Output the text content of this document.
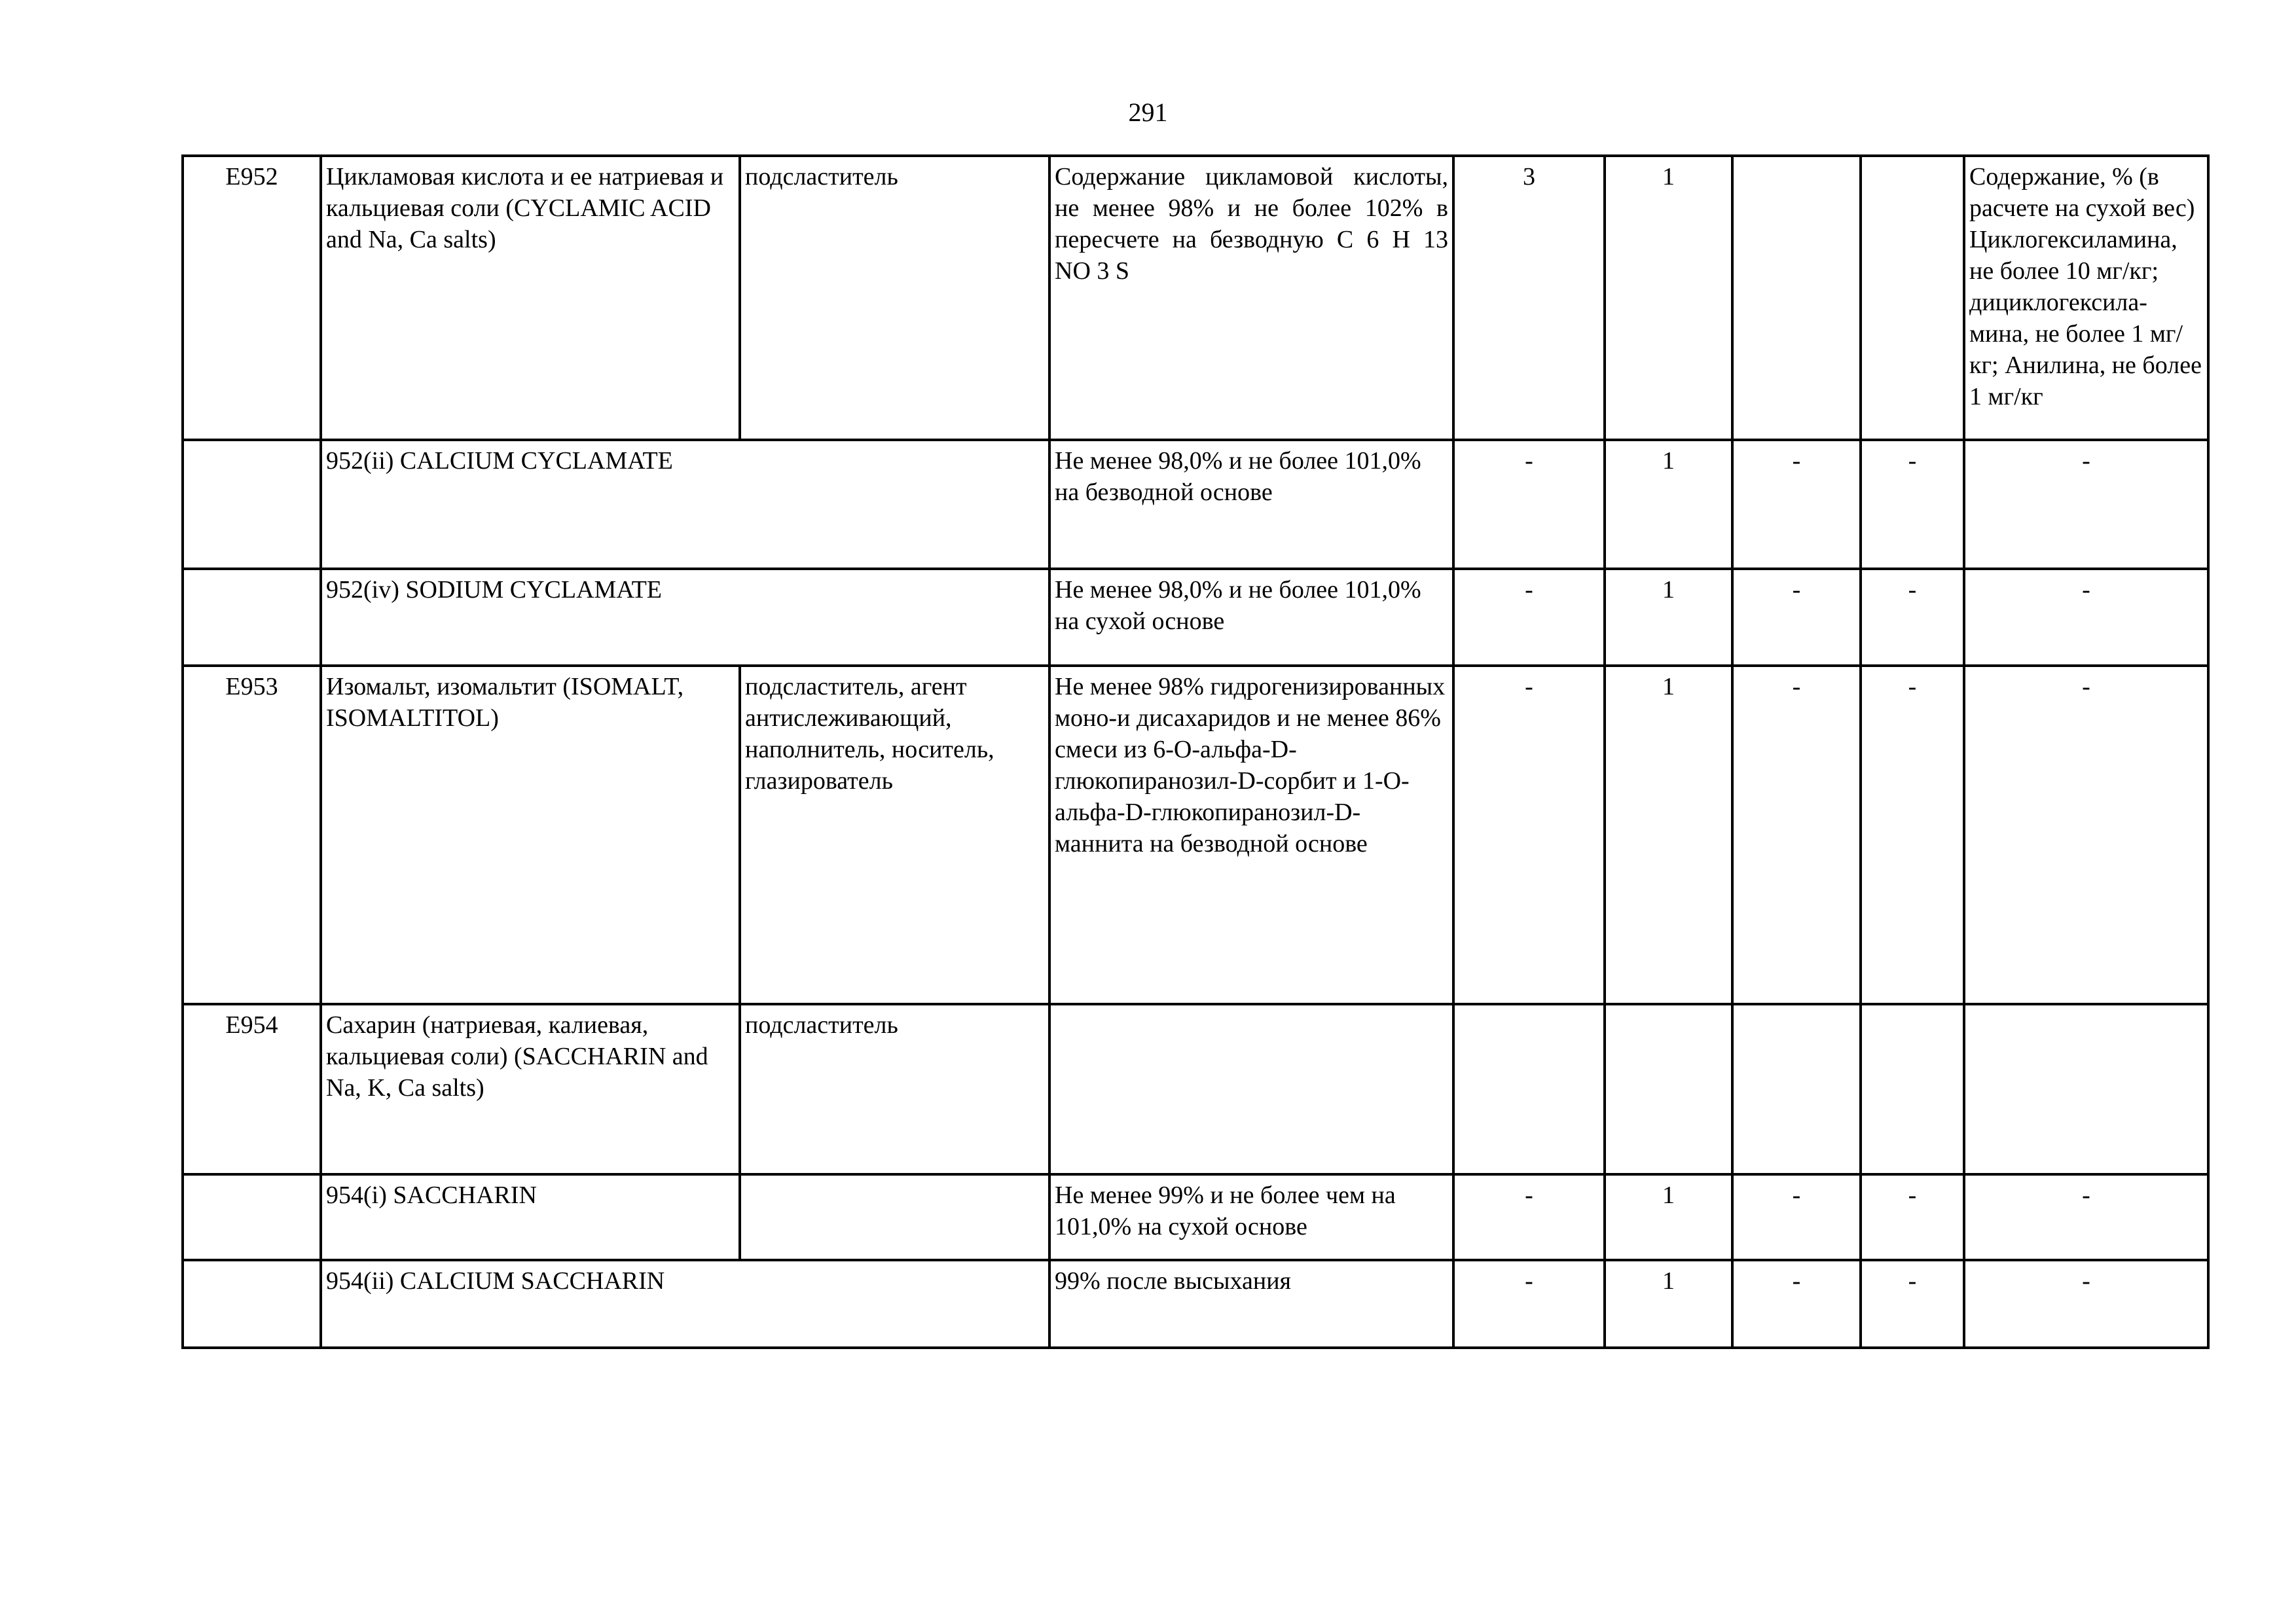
291
E952	Цикламовая кислота и ее натриевая и кальциевая соли (CYCLAMIC ACID and Na, Ca salts)	подсластитель	Содержание цикламовой кислоты, не менее 98% и не более 102% в пересчете на безводную C 6 H 13 NO 3 S	3	1			Содержание, % (в расчете на сухой вес) Циклогексиламина, не более 10 мг/кг; дициклогексила-мина, не более 1 мг/кг; Анилина, не более 1 мг/кг
	952(ii) CALCIUM CYCLAMATE		Не менее 98,0% и не более 101,0% на безводной основе	-	1	-	-	-
	952(iv) SODIUM CYCLAMATE		Не менее 98,0% и не более 101,0% на сухой основе	-	1	-	-	-
E953	Изомальт, изомальтит (ISOMALT, ISOMALTITOL)	подсластитель, агент антислеживающий, наполнитель, носитель, глазирователь	Не менее 98% гидрогенизированных моно-и дисахаридов и не менее 86% смеси из 6-O-альфа-D-глюкопиранозил-D-сорбит и 1-O-альфа-D-глюкопиранозил-D-маннита на безводной основе	-	1	-	-	-
E954	Сахарин (натриевая, калиевая, кальциевая соли) (SACCHARIN and Na, K, Ca salts)	подсластитель						
	954(i) SACCHARIN		Не менее 99% и не более чем на 101,0% на сухой основе	-	1	-	-	-
	954(ii) CALCIUM SACCHARIN		99% после высыхания	-	1	-	-	-
